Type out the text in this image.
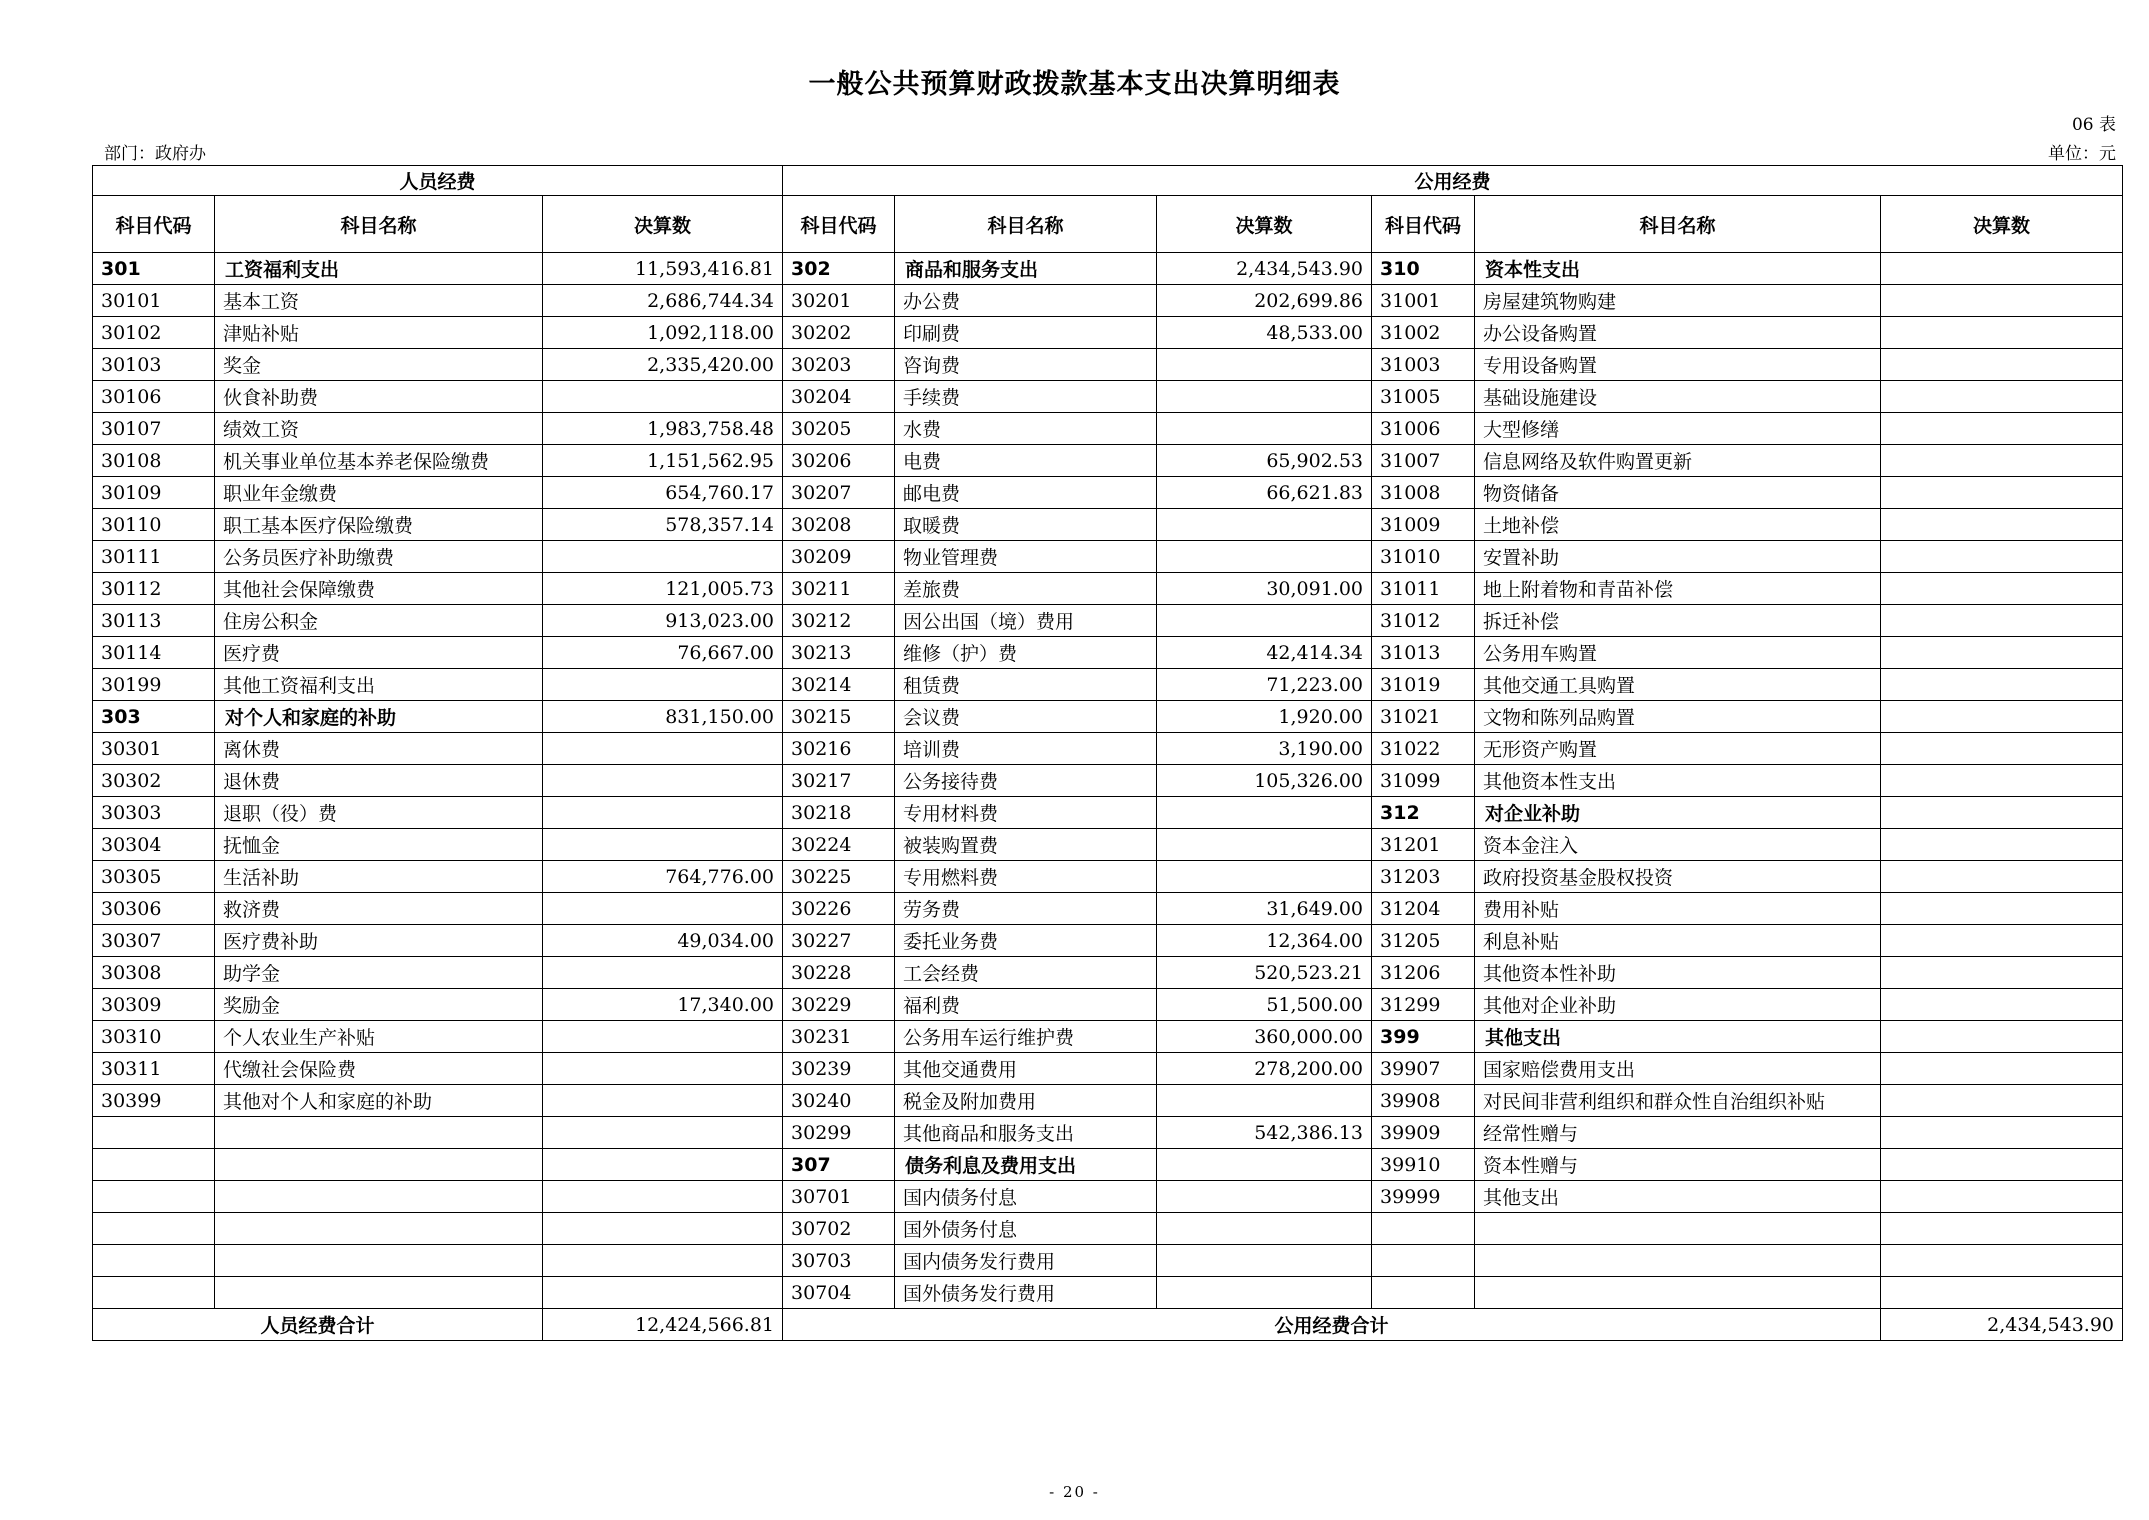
一般公共预算财政拨款基本支出决算明细表
06 表
部门：政府办	单位：元
人员经费			公用经费					
科目代码	科目名称	决算数	科目代码	科目名称	决算数	科目代码	科目名称	决算数
301	工资福利支出	11,593,416.81	302	商品和服务支出	2,434,543.90	310	资本性支出	
30101	基本工资	2,686,744.34	30201	办公费	202,699.86	31001	房屋建筑物购建	
30102	津贴补贴	1,092,118.00	30202	印刷费	48,533.00	31002	办公设备购置	
30103	奖金	2,335,420.00	30203	咨询费		31003	专用设备购置	
30106	伙食补助费		30204	手续费		31005	基础设施建设	
30107	绩效工资	1,983,758.48	30205	水费		31006	大型修缮	
30108	机关事业单位基本养老保险缴费	1,151,562.95	30206	电费	65,902.53	31007	信息网络及软件购置更新	
30109	职业年金缴费	654,760.17	30207	邮电费	66,621.83	31008	物资储备	
30110	职工基本医疗保险缴费	578,357.14	30208	取暖费		31009	土地补偿	
30111	公务员医疗补助缴费		30209	物业管理费		31010	安置补助	
30112	其他社会保障缴费	121,005.73	30211	差旅费	30,091.00	31011	地上附着物和青苗补偿	
30113	住房公积金	913,023.00	30212	因公出国（境）费用		31012	拆迁补偿	
30114	医疗费	76,667.00	30213	维修（护）费	42,414.34	31013	公务用车购置	
30199	其他工资福利支出		30214	租赁费	71,223.00	31019	其他交通工具购置	
303	对个人和家庭的补助	831,150.00	30215	会议费	1,920.00	31021	文物和陈列品购置	
30301	离休费		30216	培训费	3,190.00	31022	无形资产购置	
30302	退休费		30217	公务接待费	105,326.00	31099	其他资本性支出	
30303	退职（役）费		30218	专用材料费		312	对企业补助	
30304	抚恤金		30224	被装购置费		31201	资本金注入	
30305	生活补助	764,776.00	30225	专用燃料费		31203	政府投资基金股权投资	
30306	救济费		30226	劳务费	31,649.00	31204	费用补贴	
30307	医疗费补助	49,034.00	30227	委托业务费	12,364.00	31205	利息补贴	
30308	助学金		30228	工会经费	520,523.21	31206	其他资本性补助	
30309	奖励金	17,340.00	30229	福利费	51,500.00	31299	其他对企业补助	
30310	个人农业生产补贴		30231	公务用车运行维护费	360,000.00	399	其他支出	
30311	代缴社会保险费		30239	其他交通费用	278,200.00	39907	国家赔偿费用支出	
30399	其他对个人和家庭的补助		30240	税金及附加费用		39908	对民间非营利组织和群众性自治组织补贴	
			30299	其他商品和服务支出	542,386.13	39909	经常性赠与	
			307	债务利息及费用支出		39910	资本性赠与	
			30701	国内债务付息		39999	其他支出	
			30702	国外债务付息				
			30703	国内债务发行费用				
			30704	国外债务发行费用				
人员经费合计		12,424,566.81	公用经费合计					2,434,543.90
- 20 -
